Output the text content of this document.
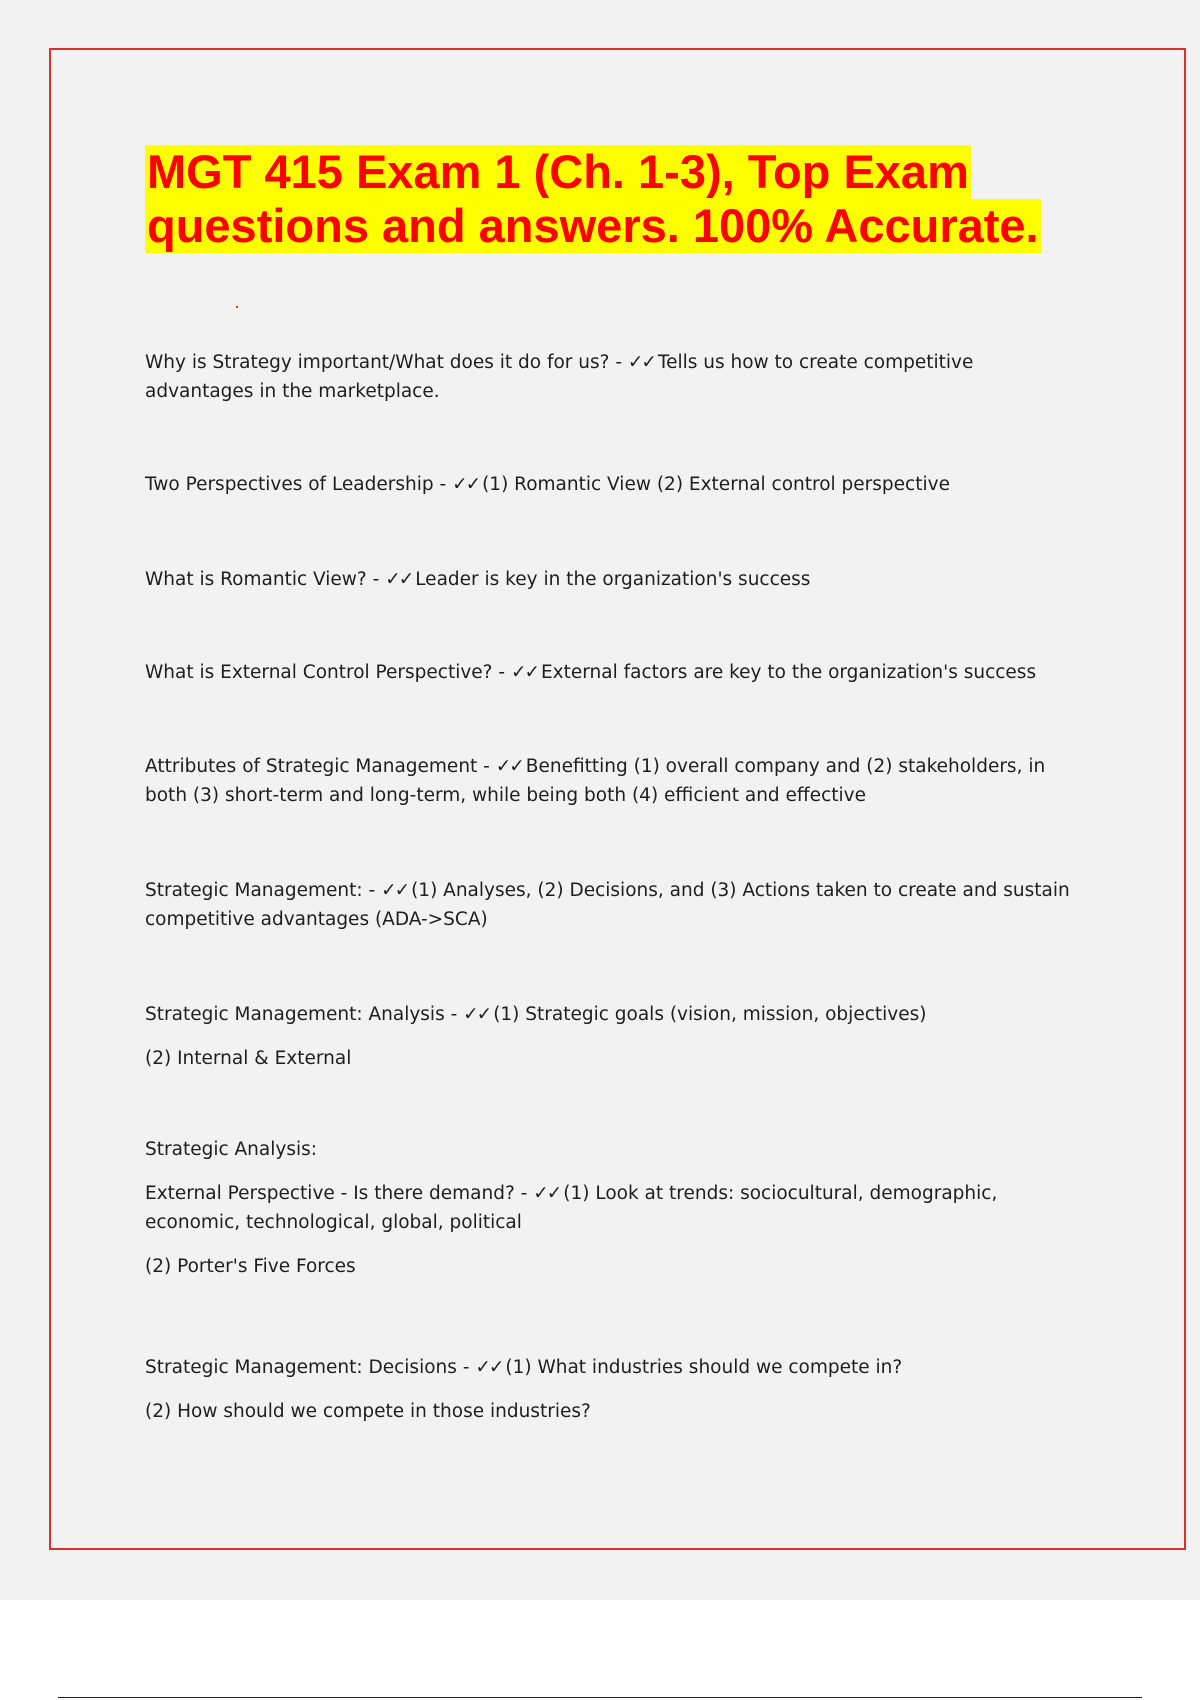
MGT 415 Exam 1 (Ch. 1-3), Top Exam
questions and answers. 100% Accurate.

Why is Strategy important/What does it do for us? - ✓✓ Tells us how to create competitive advantages in the marketplace.

Two Perspectives of Leadership - ✓✓ (1) Romantic View (2) External control perspective

What is Romantic View? - ✓✓ Leader is key in the organization's success

What is External Control Perspective? - ✓✓ External factors are key to the organization's success

Attributes of Strategic Management - ✓✓ Benefitting (1) overall company and (2) stakeholders, in both (3) short-term and long-term, while being both (4) efficient and effective

Strategic Management: - ✓✓ (1) Analyses, (2) Decisions, and (3) Actions taken to create and sustain competitive advantages (ADA->SCA)

Strategic Management: Analysis - ✓✓ (1) Strategic goals (vision, mission, objectives)

(2) Internal & External

Strategic Analysis:

External Perspective - Is there demand? - ✓✓ (1) Look at trends: sociocultural, demographic, economic, technological, global, political

(2) Porter's Five Forces

Strategic Management: Decisions - ✓✓ (1) What industries should we compete in?

(2) How should we compete in those industries?
